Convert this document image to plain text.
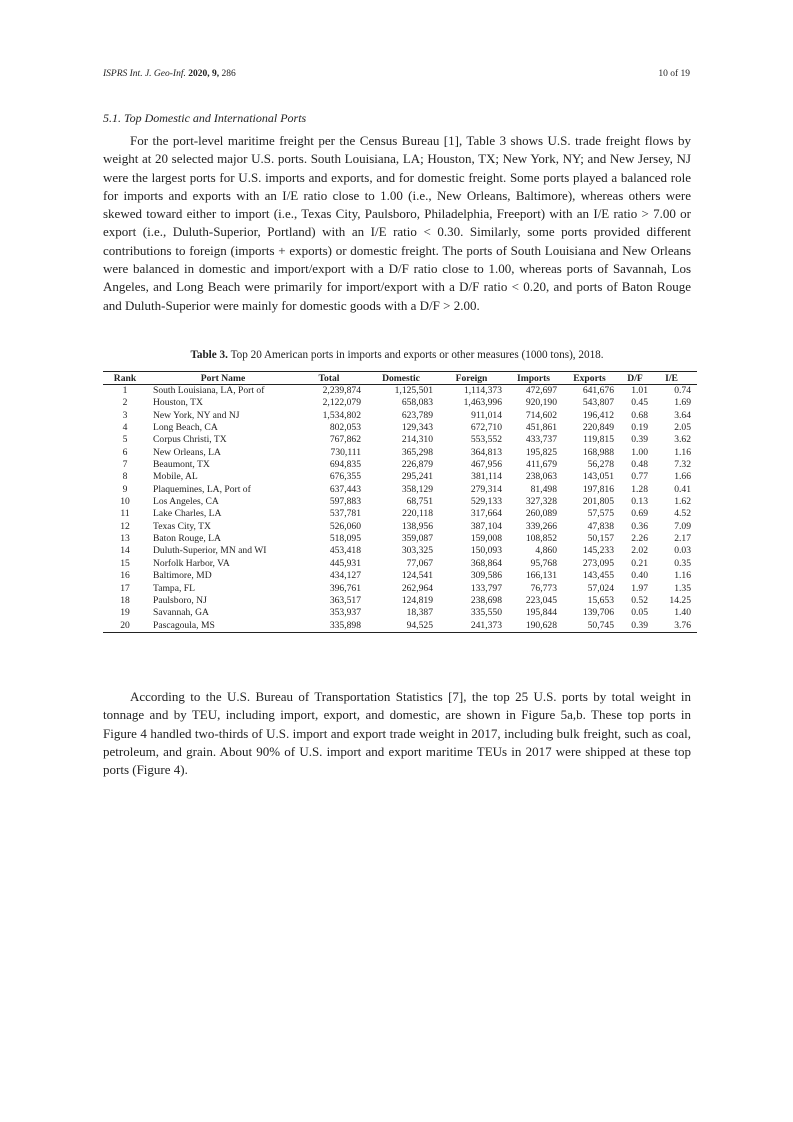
ISPRS Int. J. Geo-Inf. 2020, 9, 286	10 of 19
5.1. Top Domestic and International Ports

For the port-level maritime freight per the Census Bureau [1], Table 3 shows U.S. trade freight flows by weight at 20 selected major U.S. ports. South Louisiana, LA; Houston, TX; New York, NY; and New Jersey, NJ were the largest ports for U.S. imports and exports, and for domestic freight. Some ports played a balanced role for imports and exports with an I/E ratio close to 1.00 (i.e., New Orleans, Baltimore), whereas others were skewed toward either to import (i.e., Texas City, Paulsboro, Philadelphia, Freeport) with an I/E ratio > 7.00 or export (i.e., Duluth-Superior, Portland) with an I/E ratio < 0.30. Similarly, some ports provided different contributions to foreign (imports + exports) or domestic freight. The ports of South Louisiana and New Orleans were balanced in domestic and import/export with a D/F ratio close to 1.00, whereas ports of Savannah, Los Angeles, and Long Beach were primarily for import/export with a D/F ratio < 0.20, and ports of Baton Rouge and Duluth-Superior were mainly for domestic goods with a D/F > 2.00.

Table 3. Top 20 American ports in imports and exports or other measures (1000 tons), 2018.
Rank	Port Name	Total	Domestic	Foreign	Imports	Exports	D/F	I/E
1	South Louisiana, LA, Port of	2,239,874	1,125,501	1,114,373	472,697	641,676	1.01	0.74
2	Houston, TX	2,122,079	658,083	1,463,996	920,190	543,807	0.45	1.69
3	New York, NY and NJ	1,534,802	623,789	911,014	714,602	196,412	0.68	3.64
4	Long Beach, CA	802,053	129,343	672,710	451,861	220,849	0.19	2.05
5	Corpus Christi, TX	767,862	214,310	553,552	433,737	119,815	0.39	3.62
6	New Orleans, LA	730,111	365,298	364,813	195,825	168,988	1.00	1.16
7	Beaumont, TX	694,835	226,879	467,956	411,679	56,278	0.48	7.32
8	Mobile, AL	676,355	295,241	381,114	238,063	143,051	0.77	1.66
9	Plaquemines, LA, Port of	637,443	358,129	279,314	81,498	197,816	1.28	0.41
10	Los Angeles, CA	597,883	68,751	529,133	327,328	201,805	0.13	1.62
11	Lake Charles, LA	537,781	220,118	317,664	260,089	57,575	0.69	4.52
12	Texas City, TX	526,060	138,956	387,104	339,266	47,838	0.36	7.09
13	Baton Rouge, LA	518,095	359,087	159,008	108,852	50,157	2.26	2.17
14	Duluth-Superior, MN and WI	453,418	303,325	150,093	4,860	145,233	2.02	0.03
15	Norfolk Harbor, VA	445,931	77,067	368,864	95,768	273,095	0.21	0.35
16	Baltimore, MD	434,127	124,541	309,586	166,131	143,455	0.40	1.16
17	Tampa, FL	396,761	262,964	133,797	76,773	57,024	1.97	1.35
18	Paulsboro, NJ	363,517	124,819	238,698	223,045	15,653	0.52	14.25
19	Savannah, GA	353,937	18,387	335,550	195,844	139,706	0.05	1.40
20	Pascagoula, MS	335,898	94,525	241,373	190,628	50,745	0.39	3.76

According to the U.S. Bureau of Transportation Statistics [7], the top 25 U.S. ports by total weight in tonnage and by TEU, including import, export, and domestic, are shown in Figure 5a,b. These top ports in Figure 4 handled two-thirds of U.S. import and export trade weight in 2017, including bulk freight, such as coal, petroleum, and grain. About 90% of U.S. import and export maritime TEUs in 2017 were shipped at these top ports (Figure 4).
